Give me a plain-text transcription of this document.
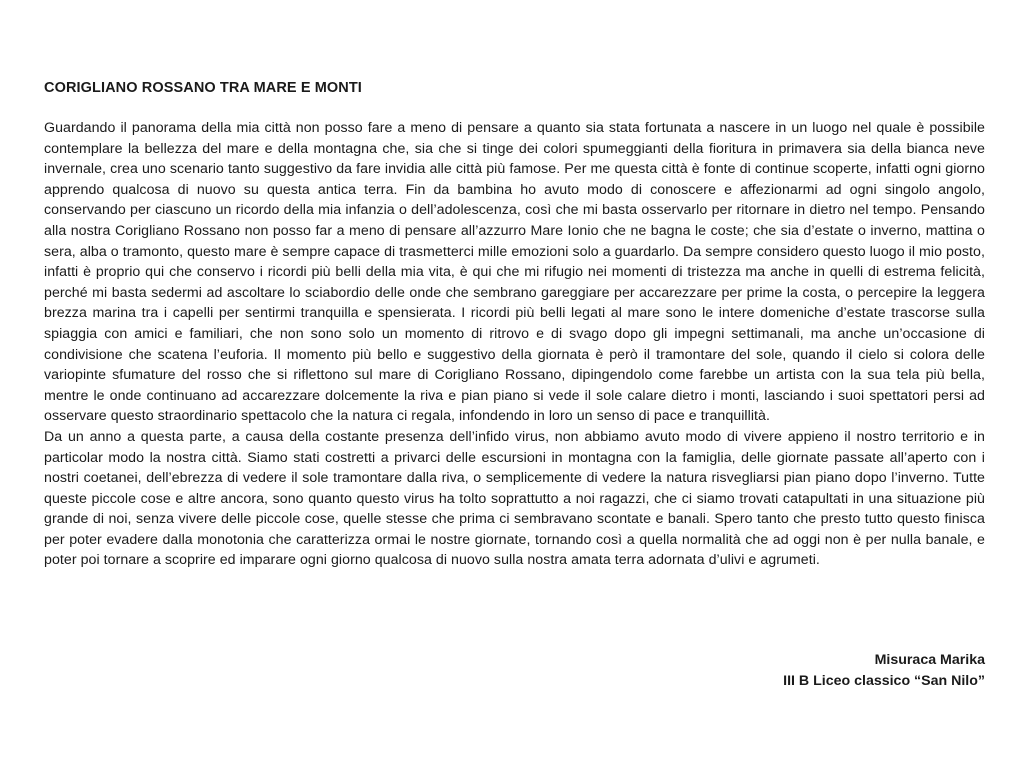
CORIGLIANO ROSSANO TRA MARE E MONTI

Guardando il panorama della mia città non posso fare a meno di pensare a quanto sia stata fortunata a nascere in un luogo nel quale è possibile contemplare la bellezza del mare e della montagna che, sia che si tinge dei colori spumeggianti della fioritura in primavera sia della bianca neve invernale, crea uno scenario tanto suggestivo da fare invidia alle città più famose. Per me questa città è fonte di continue scoperte, infatti ogni giorno apprendo qualcosa di nuovo su questa antica terra. Fin da bambina ho avuto modo di conoscere e affezionarmi ad ogni singolo angolo, conservando per ciascuno un ricordo della mia infanzia o dell’adolescenza, così che mi basta osservarlo per ritornare in dietro nel tempo. Pensando alla nostra Corigliano Rossano non posso far a meno di pensare all’azzurro Mare Ionio che ne bagna le coste; che sia d’estate o inverno, mattina o sera, alba o tramonto, questo mare è sempre capace di trasmetterci mille emozioni solo a guardarlo. Da sempre considero questo luogo il mio posto, infatti è proprio qui che conservo i ricordi più belli della mia vita, è qui che mi rifugio nei momenti di tristezza ma anche in quelli di estrema felicità, perché mi basta sedermi ad ascoltare lo sciabordio delle onde che sembrano gareggiare per accarezzare per prime la costa, o percepire la leggera brezza marina tra i capelli per sentirmi tranquilla e spensierata. I ricordi più belli legati al mare sono le intere domeniche d’estate trascorse sulla spiaggia con amici e familiari, che non sono solo un momento di ritrovo e di svago dopo gli impegni settimanali, ma anche un’occasione di condivisione che scatena l’euforia. Il momento più bello e suggestivo della giornata è però il tramontare del sole, quando il cielo si colora delle variopinte sfumature del rosso che si riflettono sul mare di Corigliano Rossano, dipingendolo come farebbe un artista con la sua tela più bella, mentre le onde continuano ad accarezzare dolcemente la riva e pian piano si vede il sole calare dietro i monti, lasciando i suoi spettatori persi ad osservare questo straordinario spettacolo che la natura ci regala, infondendo in loro un senso di pace e tranquillità.

Da un anno a questa parte, a causa della costante presenza dell’infido virus, non abbiamo avuto modo di vivere appieno il nostro territorio e in particolar modo la nostra città. Siamo stati costretti a privarci delle escursioni in montagna con la famiglia, delle giornate passate all’aperto con i nostri coetanei, dell’ebrezza di vedere il sole tramontare dalla riva, o semplicemente di vedere la natura risvegliarsi pian piano dopo l’inverno. Tutte queste piccole cose e altre ancora, sono quanto questo virus ha tolto soprattutto a noi ragazzi, che ci siamo trovati catapultati in una situazione più grande di noi, senza vivere delle piccole cose, quelle stesse che prima ci sembravano scontate e banali. Spero tanto che presto tutto questo finisca per poter evadere dalla monotonia che caratterizza ormai le nostre giornate, tornando così a quella normalità che ad oggi non è per nulla banale, e poter poi tornare a scoprire ed imparare ogni giorno qualcosa di nuovo sulla nostra amata terra adornata d’ulivi e agrumeti.

Misuraca Marika
III B Liceo classico “San Nilo”
